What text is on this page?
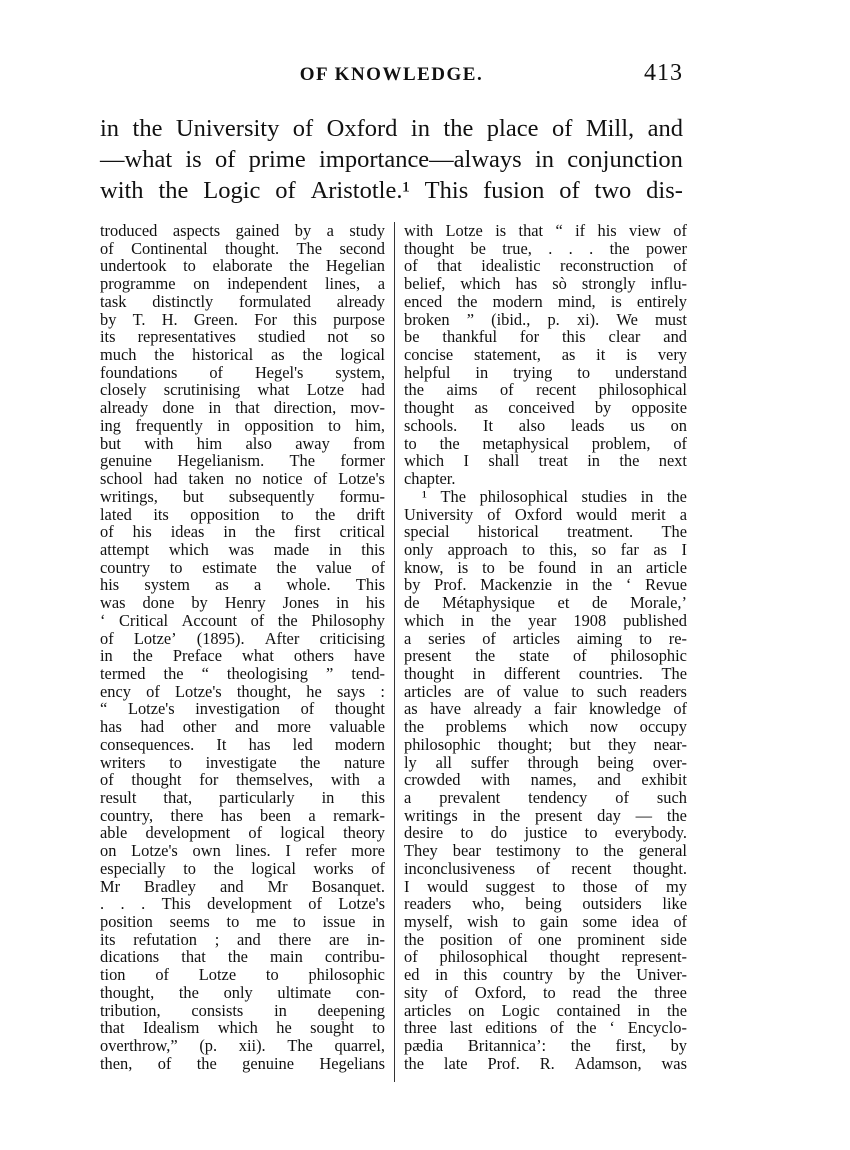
OF KNOWLEDGE.	413
in the University of Oxford in the place of Mill, and
—what is of prime importance—always in conjunction
with the Logic of Aristotle.¹ This fusion of two dis-
troduced aspects gained by a study
of Continental thought. The second
undertook to elaborate the Hegelian
programme on independent lines, a
task distinctly formulated already
by T. H. Green. For this purpose
its representatives studied not so
much the historical as the logical
foundations of Hegel's system,
closely scrutinising what Lotze had
already done in that direction, mov-
ing frequently in opposition to him,
but with him also away from
genuine Hegelianism. The former
school had taken no notice of Lotze's
writings, but subsequently formu-
lated its opposition to the drift
of his ideas in the first critical
attempt which was made in this
country to estimate the value of
his system as a whole. This
was done by Henry Jones in his
‘ Critical Account of the Philosophy
of Lotze’ (1895). After criticising
in the Preface what others have
termed the “ theologising ” tend-
ency of Lotze's thought, he says :
“ Lotze's investigation of thought
has had other and more valuable
consequences. It has led modern
writers to investigate the nature
of thought for themselves, with a
result that, particularly in this
country, there has been a remark-
able development of logical theory
on Lotze's own lines. I refer more
especially to the logical works of
Mr Bradley and Mr Bosanquet.
. . . This development of Lotze's
position seems to me to issue in
its refutation ; and there are in-
dications that the main contribu-
tion of Lotze to philosophic
thought, the only ultimate con-
tribution, consists in deepening
that Idealism which he sought to
overthrow,” (p. xii). The quarrel,
then, of the genuine Hegelians
with Lotze is that “ if his view of
thought be true, . . . the power
of that idealistic reconstruction of
belief, which has sò strongly influ-
enced the modern mind, is entirely
broken ” (ibid., p. xi). We must
be thankful for this clear and
concise statement, as it is very
helpful in trying to understand
the aims of recent philosophical
thought as conceived by opposite
schools. It also leads us on
to the metaphysical problem, of
which I shall treat in the next
chapter.
¹ The philosophical studies in the
University of Oxford would merit a
special historical treatment. The
only approach to this, so far as I
know, is to be found in an article
by Prof. Mackenzie in the ‘ Revue
de Métaphysique et de Morale,’
which in the year 1908 published
a series of articles aiming to re-
present the state of philosophic
thought in different countries. The
articles are of value to such readers
as have already a fair knowledge of
the problems which now occupy
philosophic thought; but they near-
ly all suffer through being over-
crowded with names, and exhibit
a prevalent tendency of such
writings in the present day — the
desire to do justice to everybody.
They bear testimony to the general
inconclusiveness of recent thought.
I would suggest to those of my
readers who, being outsiders like
myself, wish to gain some idea of
the position of one prominent side
of philosophical thought represent-
ed in this country by the Univer-
sity of Oxford, to read the three
articles on Logic contained in the
three last editions of the ‘ Encyclo-
pædia Britannica’: the first, by
the late Prof. R. Adamson, was
